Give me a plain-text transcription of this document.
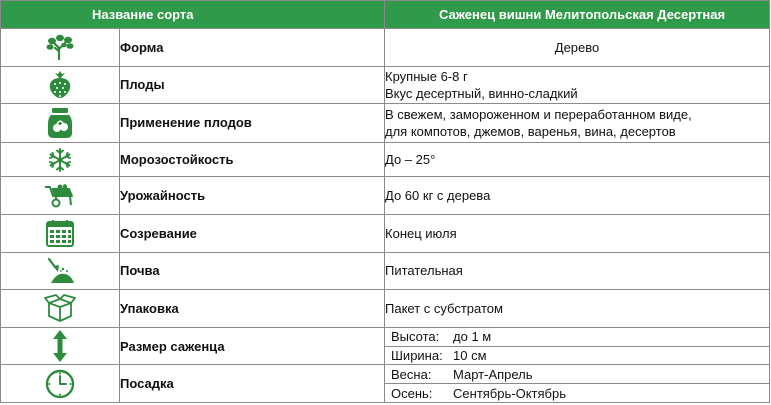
Название сорта		Саженец вишни Мелитопольская Десертная

	Форма	Дерево

	Плоды	Крупные 6-8 г
Вкус десертный, винно-сладкий

	Применение плодов	В свежем, замороженном и переработанном виде,
для компотов, джемов, варенья, вина, десертов

	Морозостойкость	До – 25°

	Урожайность	До 60 кг с дерева

	Созревание	Конец июля

	Почва	Питательная

	Упаковка	Пакет с субстратом

	Размер саженца	Высота: до 1 м
Ширина: 10 см

	Посадка	Весна: Март-Апрель
Осень: Сентябрь-Октябрь
